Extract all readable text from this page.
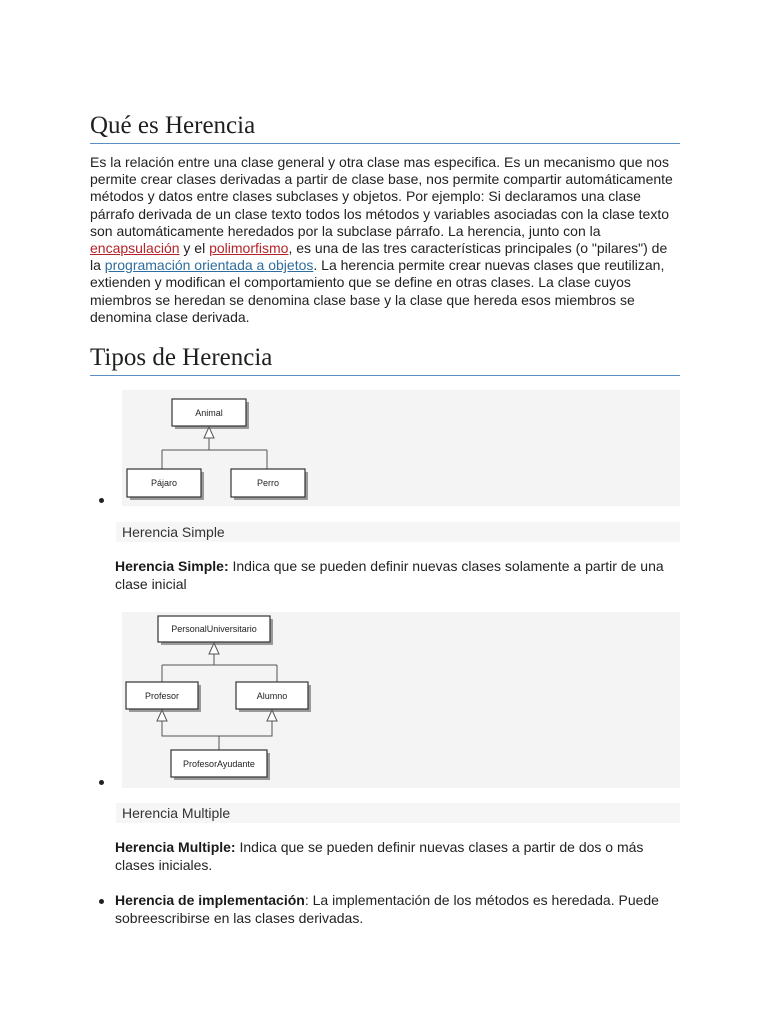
Qué es Herencia

Es la relación entre una clase general y otra clase mas especifica. Es un mecanismo que nos permite crear clases derivadas a partir de clase base, nos permite compartir automáticamente métodos y datos entre clases subclases y objetos. Por ejemplo: Si declaramos una clase párrafo derivada de un clase texto todos los métodos y variables asociadas con la clase texto son automáticamente heredados por la subclase párrafo. La herencia, junto con la encapsulación y el polimorfismo, es una de las tres características principales (o "pilares") de la programación orientada a objetos. La herencia permite crear nuevas clases que reutilizan, extienden y modifican el comportamiento que se define en otras clases. La clase cuyos miembros se heredan se denomina clase base y la clase que hereda esos miembros se denomina clase derivada.

Tipos de Herencia
Animal
Pájaro	Perro
Herencia Simple

Herencia Simple: Indica que se pueden definir nuevas clases solamente a partir de una clase inicial

PersonalUniversitario
Profesor	Alumno
ProfesorAyudante
Herencia Multiple

Herencia Multiple: Indica que se pueden definir nuevas clases a partir de dos o más clases iniciales.

Herencia de implementación: La implementación de los métodos es heredada. Puede sobreescribirse en las clases derivadas.
